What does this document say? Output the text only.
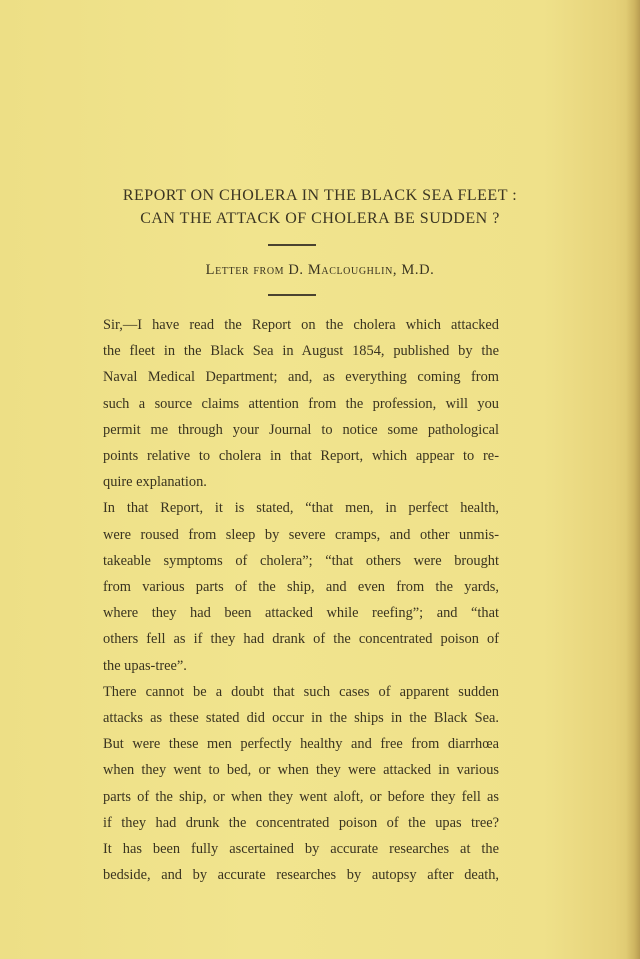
REPORT ON CHOLERA IN THE BLACK SEA FLEET :
CAN THE ATTACK OF CHOLERA BE SUDDEN ?
Letter from D. Macloughlin, M.D.
Sir,—I have read the Report on the cholera which attacked
the fleet in the Black Sea in August 1854, published by the
Naval Medical Department; and, as everything coming from
such a source claims attention from the profession, will you
permit me through your Journal to notice some pathological
points relative to cholera in that Report, which appear to re-
quire explanation.
In that Report, it is stated, “that men, in perfect health,
were roused from sleep by severe cramps, and other unmis-
takeable symptoms of cholera”; “that others were brought
from various parts of the ship, and even from the yards,
where they had been attacked while reefing”; and “that
others fell as if they had drank of the concentrated poison of
the upas-tree”.
There cannot be a doubt that such cases of apparent sudden
attacks as these stated did occur in the ships in the Black Sea.
But were these men perfectly healthy and free from diarrhœa
when they went to bed, or when they were attacked in various
parts of the ship, or when they went aloft, or before they fell as
if they had drunk the concentrated poison of the upas tree?
It has been fully ascertained by accurate researches at the
bedside, and by accurate researches by autopsy after death,
